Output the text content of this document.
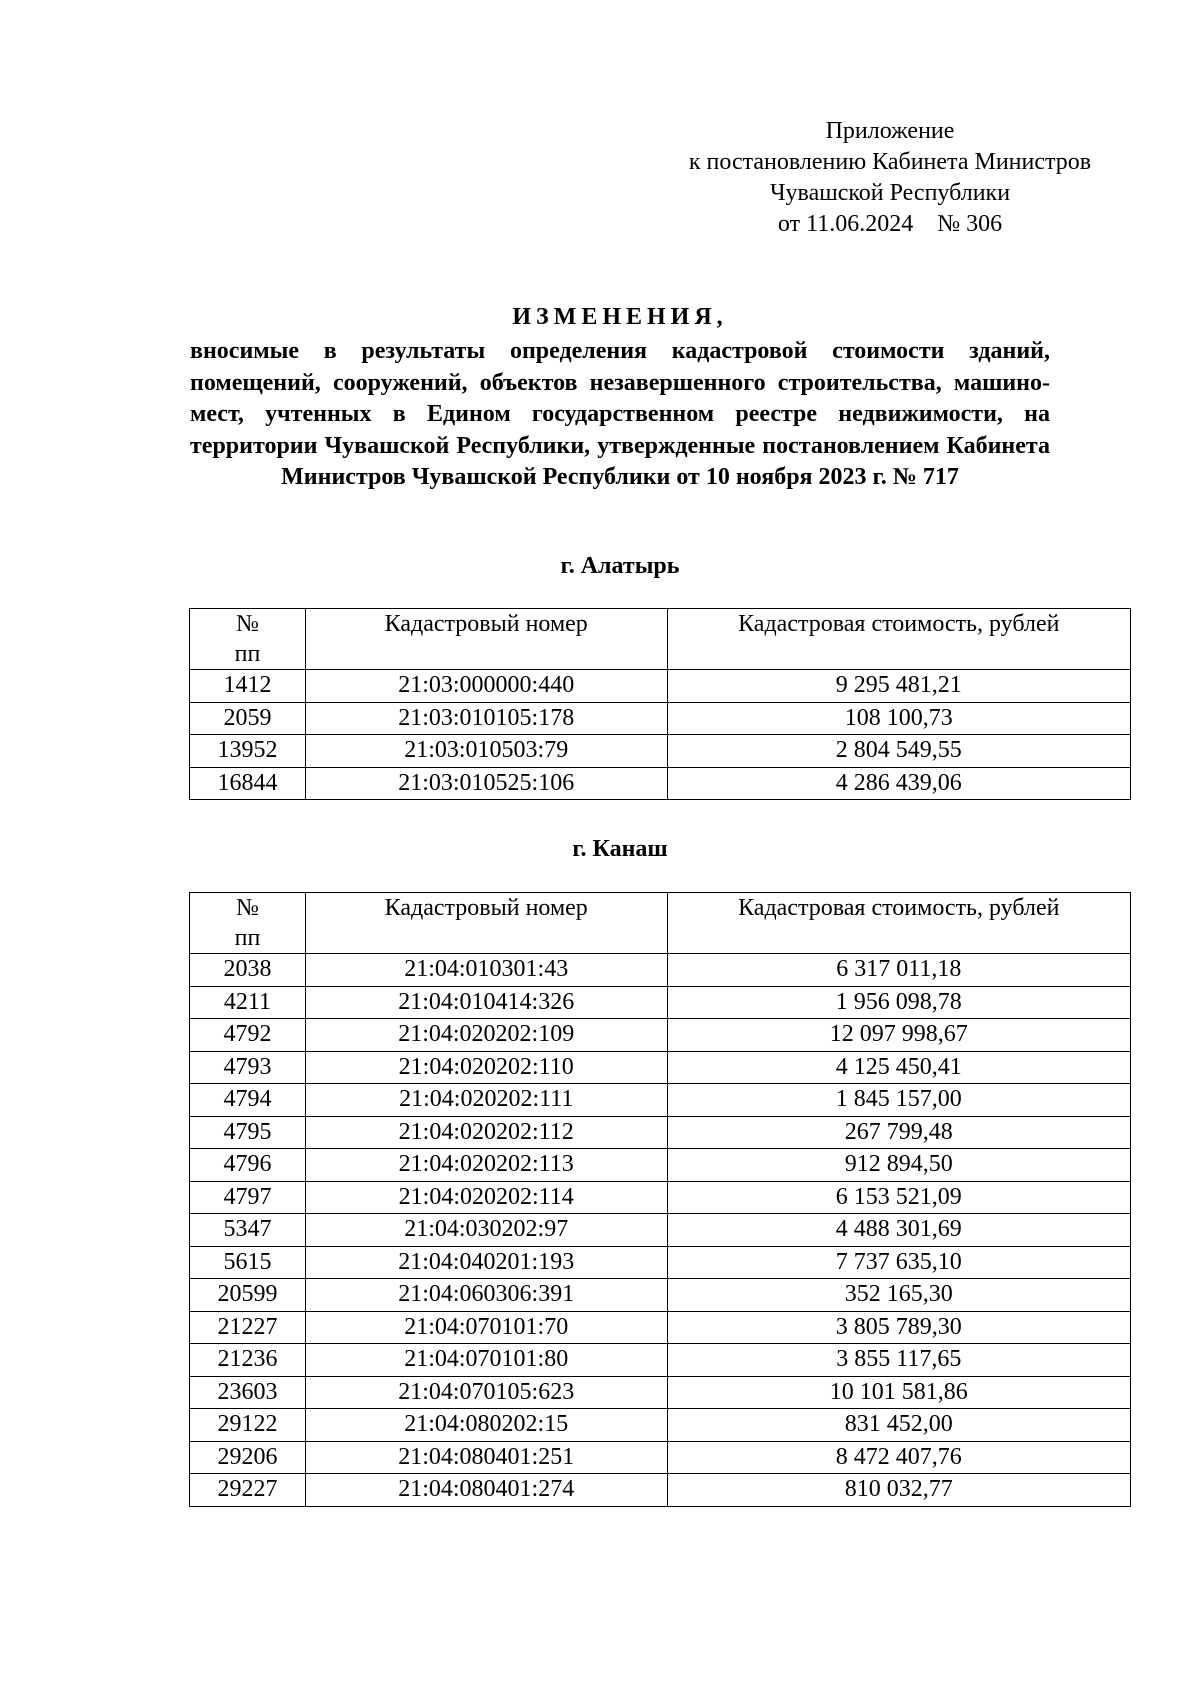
Приложение
к постановлению Кабинета Министров
Чувашской Республики
от 11.06.2024    № 306
ИЗМЕНЕНИЯ,
вносимые в результаты определения кадастровой стоимости зданий, помещений, сооружений, объектов незавершенного строительства, машино-мест, учтенных в Едином государственном реестре недвижимости, на территории Чувашской Республики, утвержденные постановлением Кабинета Министров Чувашской Республики от 10 ноября 2023 г. № 717
г. Алатырь
№
пп	Кадастровый номер	Кадастровая стоимость, рублей
1412	21:03:000000:440	9 295 481,21
2059	21:03:010105:178	108 100,73
13952	21:03:010503:79	2 804 549,55
16844	21:03:010525:106	4 286 439,06
г. Канаш
№
пп	Кадастровый номер	Кадастровая стоимость, рублей
2038	21:04:010301:43	6 317 011,18
4211	21:04:010414:326	1 956 098,78
4792	21:04:020202:109	12 097 998,67
4793	21:04:020202:110	4 125 450,41
4794	21:04:020202:111	1 845 157,00
4795	21:04:020202:112	267 799,48
4796	21:04:020202:113	912 894,50
4797	21:04:020202:114	6 153 521,09
5347	21:04:030202:97	4 488 301,69
5615	21:04:040201:193	7 737 635,10
20599	21:04:060306:391	352 165,30
21227	21:04:070101:70	3 805 789,30
21236	21:04:070101:80	3 855 117,65
23603	21:04:070105:623	10 101 581,86
29122	21:04:080202:15	831 452,00
29206	21:04:080401:251	8 472 407,76
29227	21:04:080401:274	810 032,77
